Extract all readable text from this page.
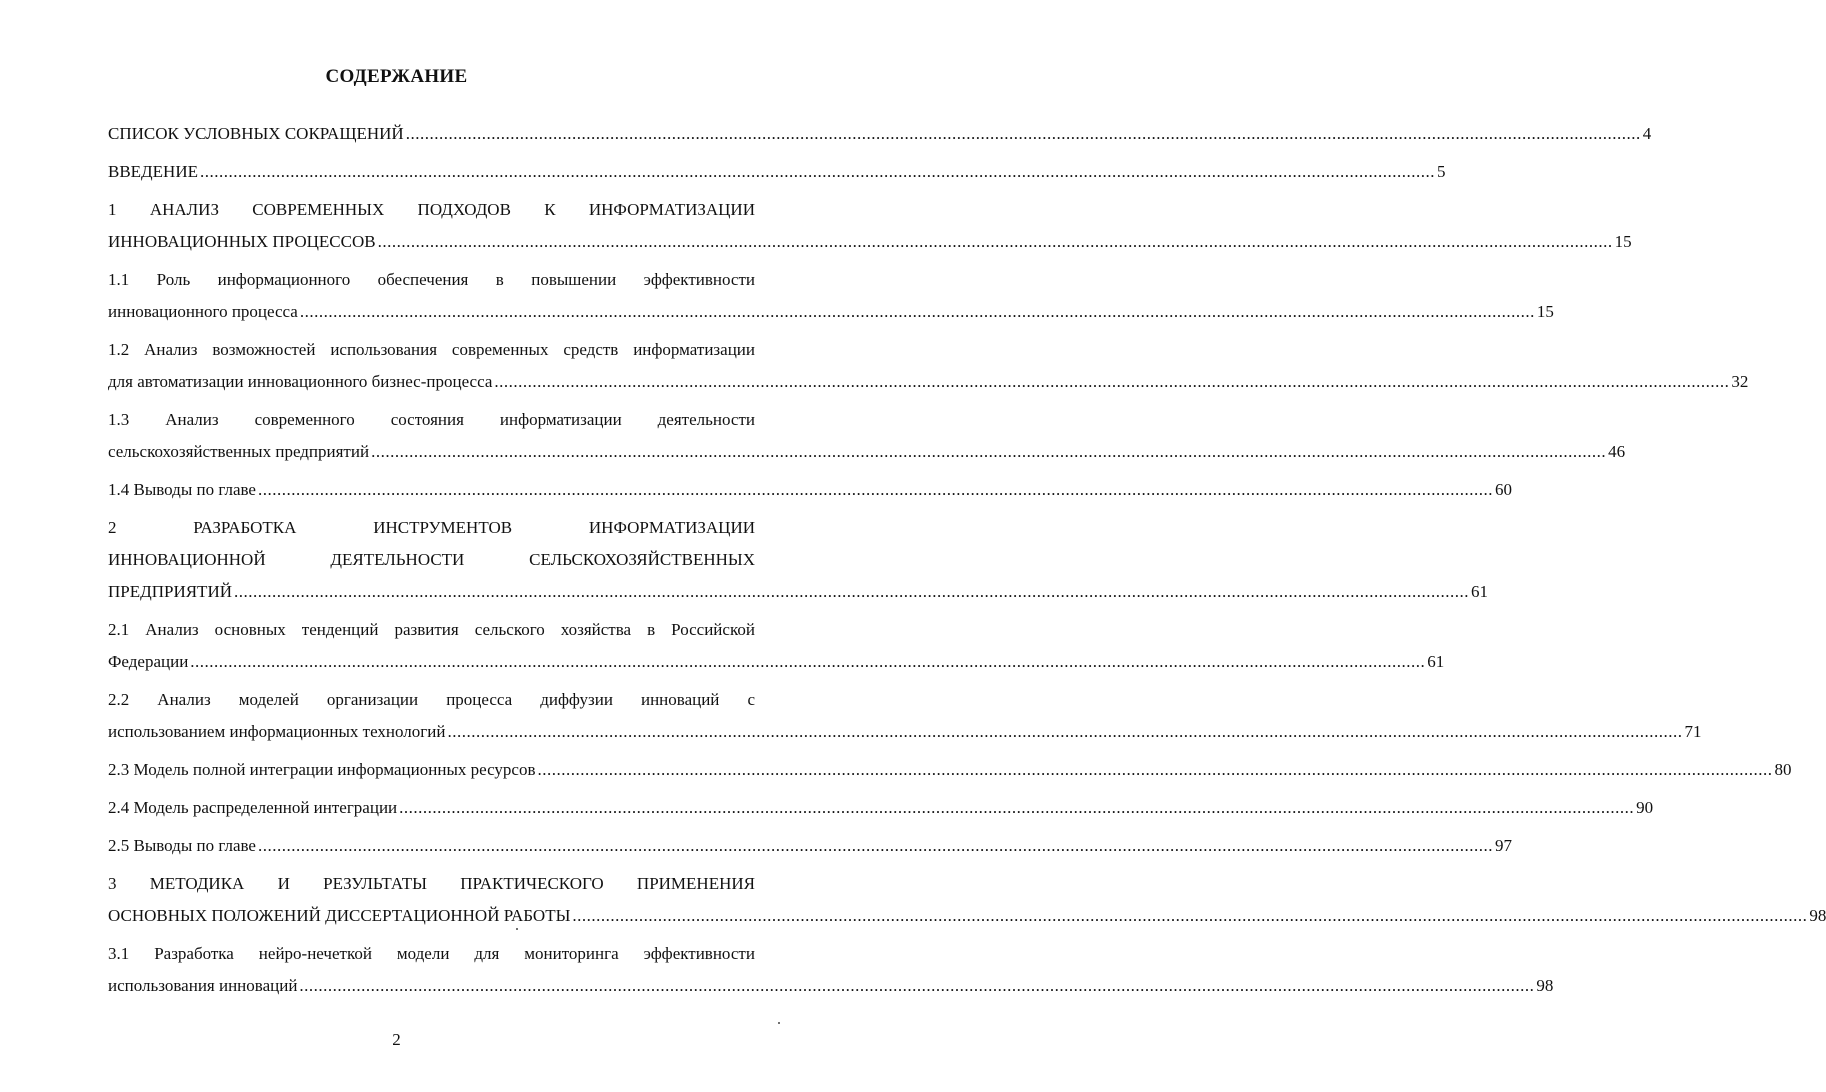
СОДЕРЖАНИЕ
СПИСОК УСЛОВНЫХ СОКРАЩЕНИЙ .................................................................................................................................................................................................................................................................... 4
ВВЕДЕНИЕ .................................................................................................................................................................................................................................................................... 5
1 АНАЛИЗ СОВРЕМЕННЫХ ПОДХОДОВ К ИНФОРМАТИЗАЦИИ
ИННОВАЦИОННЫХ ПРОЦЕССОВ .................................................................................................................................................................................................................................................................... 15
1.1 Роль информационного обеспечения в повышении эффективности
инновационного процесса .................................................................................................................................................................................................................................................................... 15
1.2 Анализ возможностей использования современных средств информатизации
для автоматизации инновационного бизнес-процесса .................................................................................................................................................................................................................................................................... 32
1.3 Анализ современного состояния информатизации деятельности
сельскохозяйственных предприятий .................................................................................................................................................................................................................................................................... 46
1.4 Выводы по главе .................................................................................................................................................................................................................................................................... 60
2	РАЗРАБОТКА	ИНСТРУМЕНТОВ	ИНФОРМАТИЗАЦИИ
ИННОВАЦИОННОЙ	ДЕЯТЕЛЬНОСТИ	СЕЛЬСКОХОЗЯЙСТВЕННЫХ
ПРЕДПРИЯТИЙ .................................................................................................................................................................................................................................................................... 61
2.1 Анализ основных тенденций развития сельского хозяйства в Российской
Федерации .................................................................................................................................................................................................................................................................... 61
2.2 Анализ моделей организации процесса диффузии инноваций с
использованием информационных технологий .................................................................................................................................................................................................................................................................... 71
2.3 Модель полной интеграции информационных ресурсов .................................................................................................................................................................................................................................................................... 80
2.4 Модель распределенной интеграции .................................................................................................................................................................................................................................................................... 90
2.5 Выводы по главе .................................................................................................................................................................................................................................................................... 97
3 МЕТОДИКА И РЕЗУЛЬТАТЫ ПРАКТИЧЕСКОГО ПРИМЕНЕНИЯ
ОСНОВНЫХ ПОЛОЖЕНИЙ ДИССЕРТАЦИОННОЙ РАБОТЫ .................................................................................................................................................................................................................................................................... 98
3.1 Разработка нейро-нечеткой модели для мониторинга эффективности
использования инноваций .................................................................................................................................................................................................................................................................... 98
2
